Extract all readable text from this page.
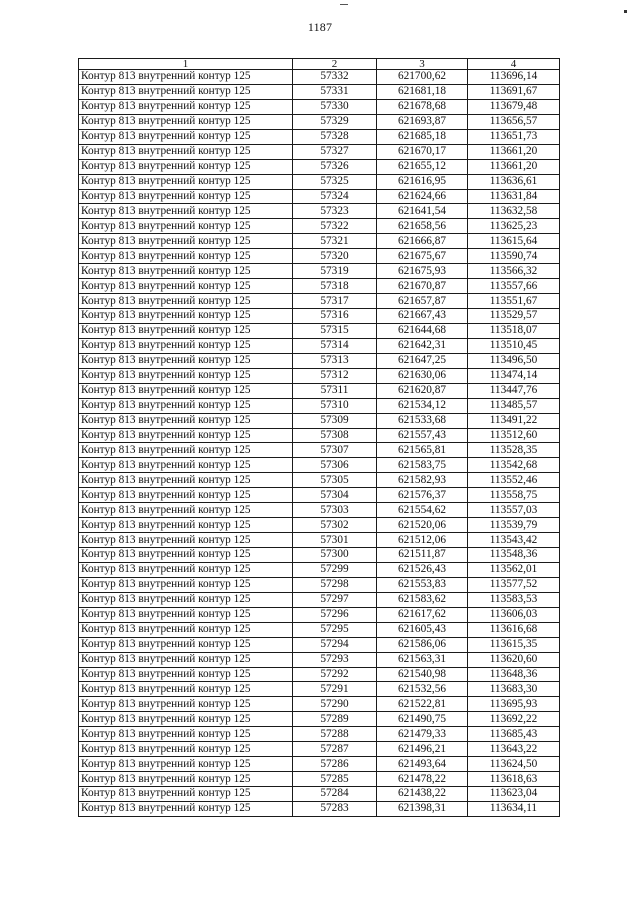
1187
1	2	3	4
Контур 813 внутренний контур 125	57332	621700,62	113696,14
Контур 813 внутренний контур 125	57331	621681,18	113691,67
Контур 813 внутренний контур 125	57330	621678,68	113679,48
Контур 813 внутренний контур 125	57329	621693,87	113656,57
Контур 813 внутренний контур 125	57328	621685,18	113651,73
Контур 813 внутренний контур 125	57327	621670,17	113661,20
Контур 813 внутренний контур 125	57326	621655,12	113661,20
Контур 813 внутренний контур 125	57325	621616,95	113636,61
Контур 813 внутренний контур 125	57324	621624,66	113631,84
Контур 813 внутренний контур 125	57323	621641,54	113632,58
Контур 813 внутренний контур 125	57322	621658,56	113625,23
Контур 813 внутренний контур 125	57321	621666,87	113615,64
Контур 813 внутренний контур 125	57320	621675,67	113590,74
Контур 813 внутренний контур 125	57319	621675,93	113566,32
Контур 813 внутренний контур 125	57318	621670,87	113557,66
Контур 813 внутренний контур 125	57317	621657,87	113551,67
Контур 813 внутренний контур 125	57316	621667,43	113529,57
Контур 813 внутренний контур 125	57315	621644,68	113518,07
Контур 813 внутренний контур 125	57314	621642,31	113510,45
Контур 813 внутренний контур 125	57313	621647,25	113496,50
Контур 813 внутренний контур 125	57312	621630,06	113474,14
Контур 813 внутренний контур 125	57311	621620,87	113447,76
Контур 813 внутренний контур 125	57310	621534,12	113485,57
Контур 813 внутренний контур 125	57309	621533,68	113491,22
Контур 813 внутренний контур 125	57308	621557,43	113512,60
Контур 813 внутренний контур 125	57307	621565,81	113528,35
Контур 813 внутренний контур 125	57306	621583,75	113542,68
Контур 813 внутренний контур 125	57305	621582,93	113552,46
Контур 813 внутренний контур 125	57304	621576,37	113558,75
Контур 813 внутренний контур 125	57303	621554,62	113557,03
Контур 813 внутренний контур 125	57302	621520,06	113539,79
Контур 813 внутренний контур 125	57301	621512,06	113543,42
Контур 813 внутренний контур 125	57300	621511,87	113548,36
Контур 813 внутренний контур 125	57299	621526,43	113562,01
Контур 813 внутренний контур 125	57298	621553,83	113577,52
Контур 813 внутренний контур 125	57297	621583,62	113583,53
Контур 813 внутренний контур 125	57296	621617,62	113606,03
Контур 813 внутренний контур 125	57295	621605,43	113616,68
Контур 813 внутренний контур 125	57294	621586,06	113615,35
Контур 813 внутренний контур 125	57293	621563,31	113620,60
Контур 813 внутренний контур 125	57292	621540,98	113648,36
Контур 813 внутренний контур 125	57291	621532,56	113683,30
Контур 813 внутренний контур 125	57290	621522,81	113695,93
Контур 813 внутренний контур 125	57289	621490,75	113692,22
Контур 813 внутренний контур 125	57288	621479,33	113685,43
Контур 813 внутренний контур 125	57287	621496,21	113643,22
Контур 813 внутренний контур 125	57286	621493,64	113624,50
Контур 813 внутренний контур 125	57285	621478,22	113618,63
Контур 813 внутренний контур 125	57284	621438,22	113623,04
Контур 813 внутренний контур 125	57283	621398,31	113634,11
